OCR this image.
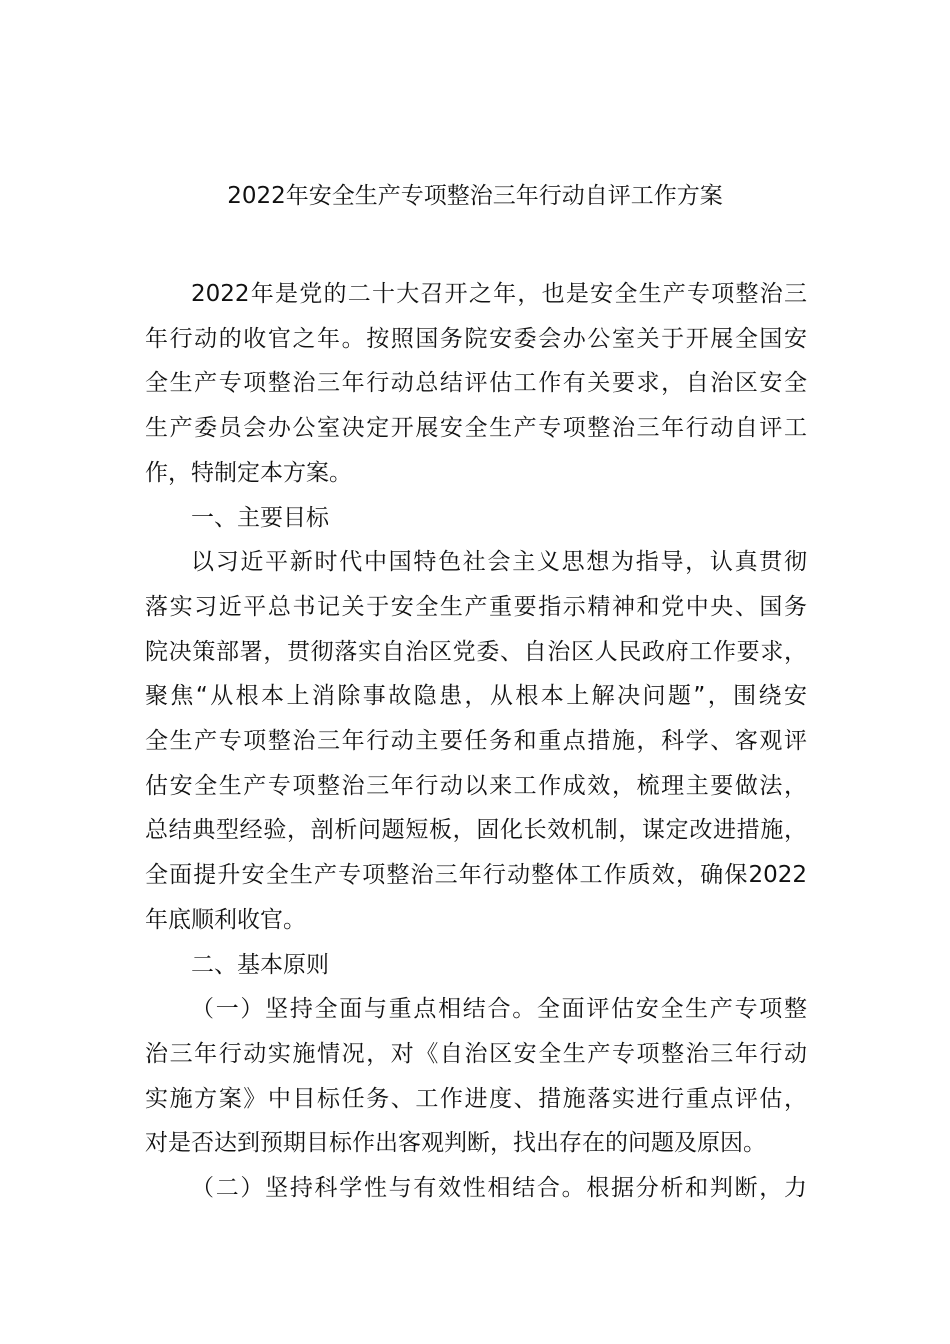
2022年安全生产专项整治三年行动自评工作方案

2022年是党的二十大召开之年，也是安全生产专项整治三
年行动的收官之年。按照国务院安委会办公室关于开展全国安
全生产专项整治三年行动总结评估工作有关要求，自治区安全
生产委员会办公室决定开展安全生产专项整治三年行动自评工
作，特制定本方案。

一、主要目标

以习近平新时代中国特色社会主义思想为指导，认真贯彻
落实习近平总书记关于安全生产重要指示精神和党中央、国务
院决策部署，贯彻落实自治区党委、自治区人民政府工作要求，
聚焦“从根本上消除事故隐患，从根本上解决问题”，围绕安
全生产专项整治三年行动主要任务和重点措施，科学、客观评
估安全生产专项整治三年行动以来工作成效，梳理主要做法，
总结典型经验，剖析问题短板，固化长效机制，谋定改进措施，
全面提升安全生产专项整治三年行动整体工作质效，确保2022
年底顺利收官。

二、基本原则

（一）坚持全面与重点相结合。全面评估安全生产专项整
治三年行动实施情况，对《自治区安全生产专项整治三年行动
实施方案》中目标任务、工作进度、措施落实进行重点评估，
对是否达到预期目标作出客观判断，找出存在的问题及原因。

（二）坚持科学性与有效性相结合。根据分析和判断，力
